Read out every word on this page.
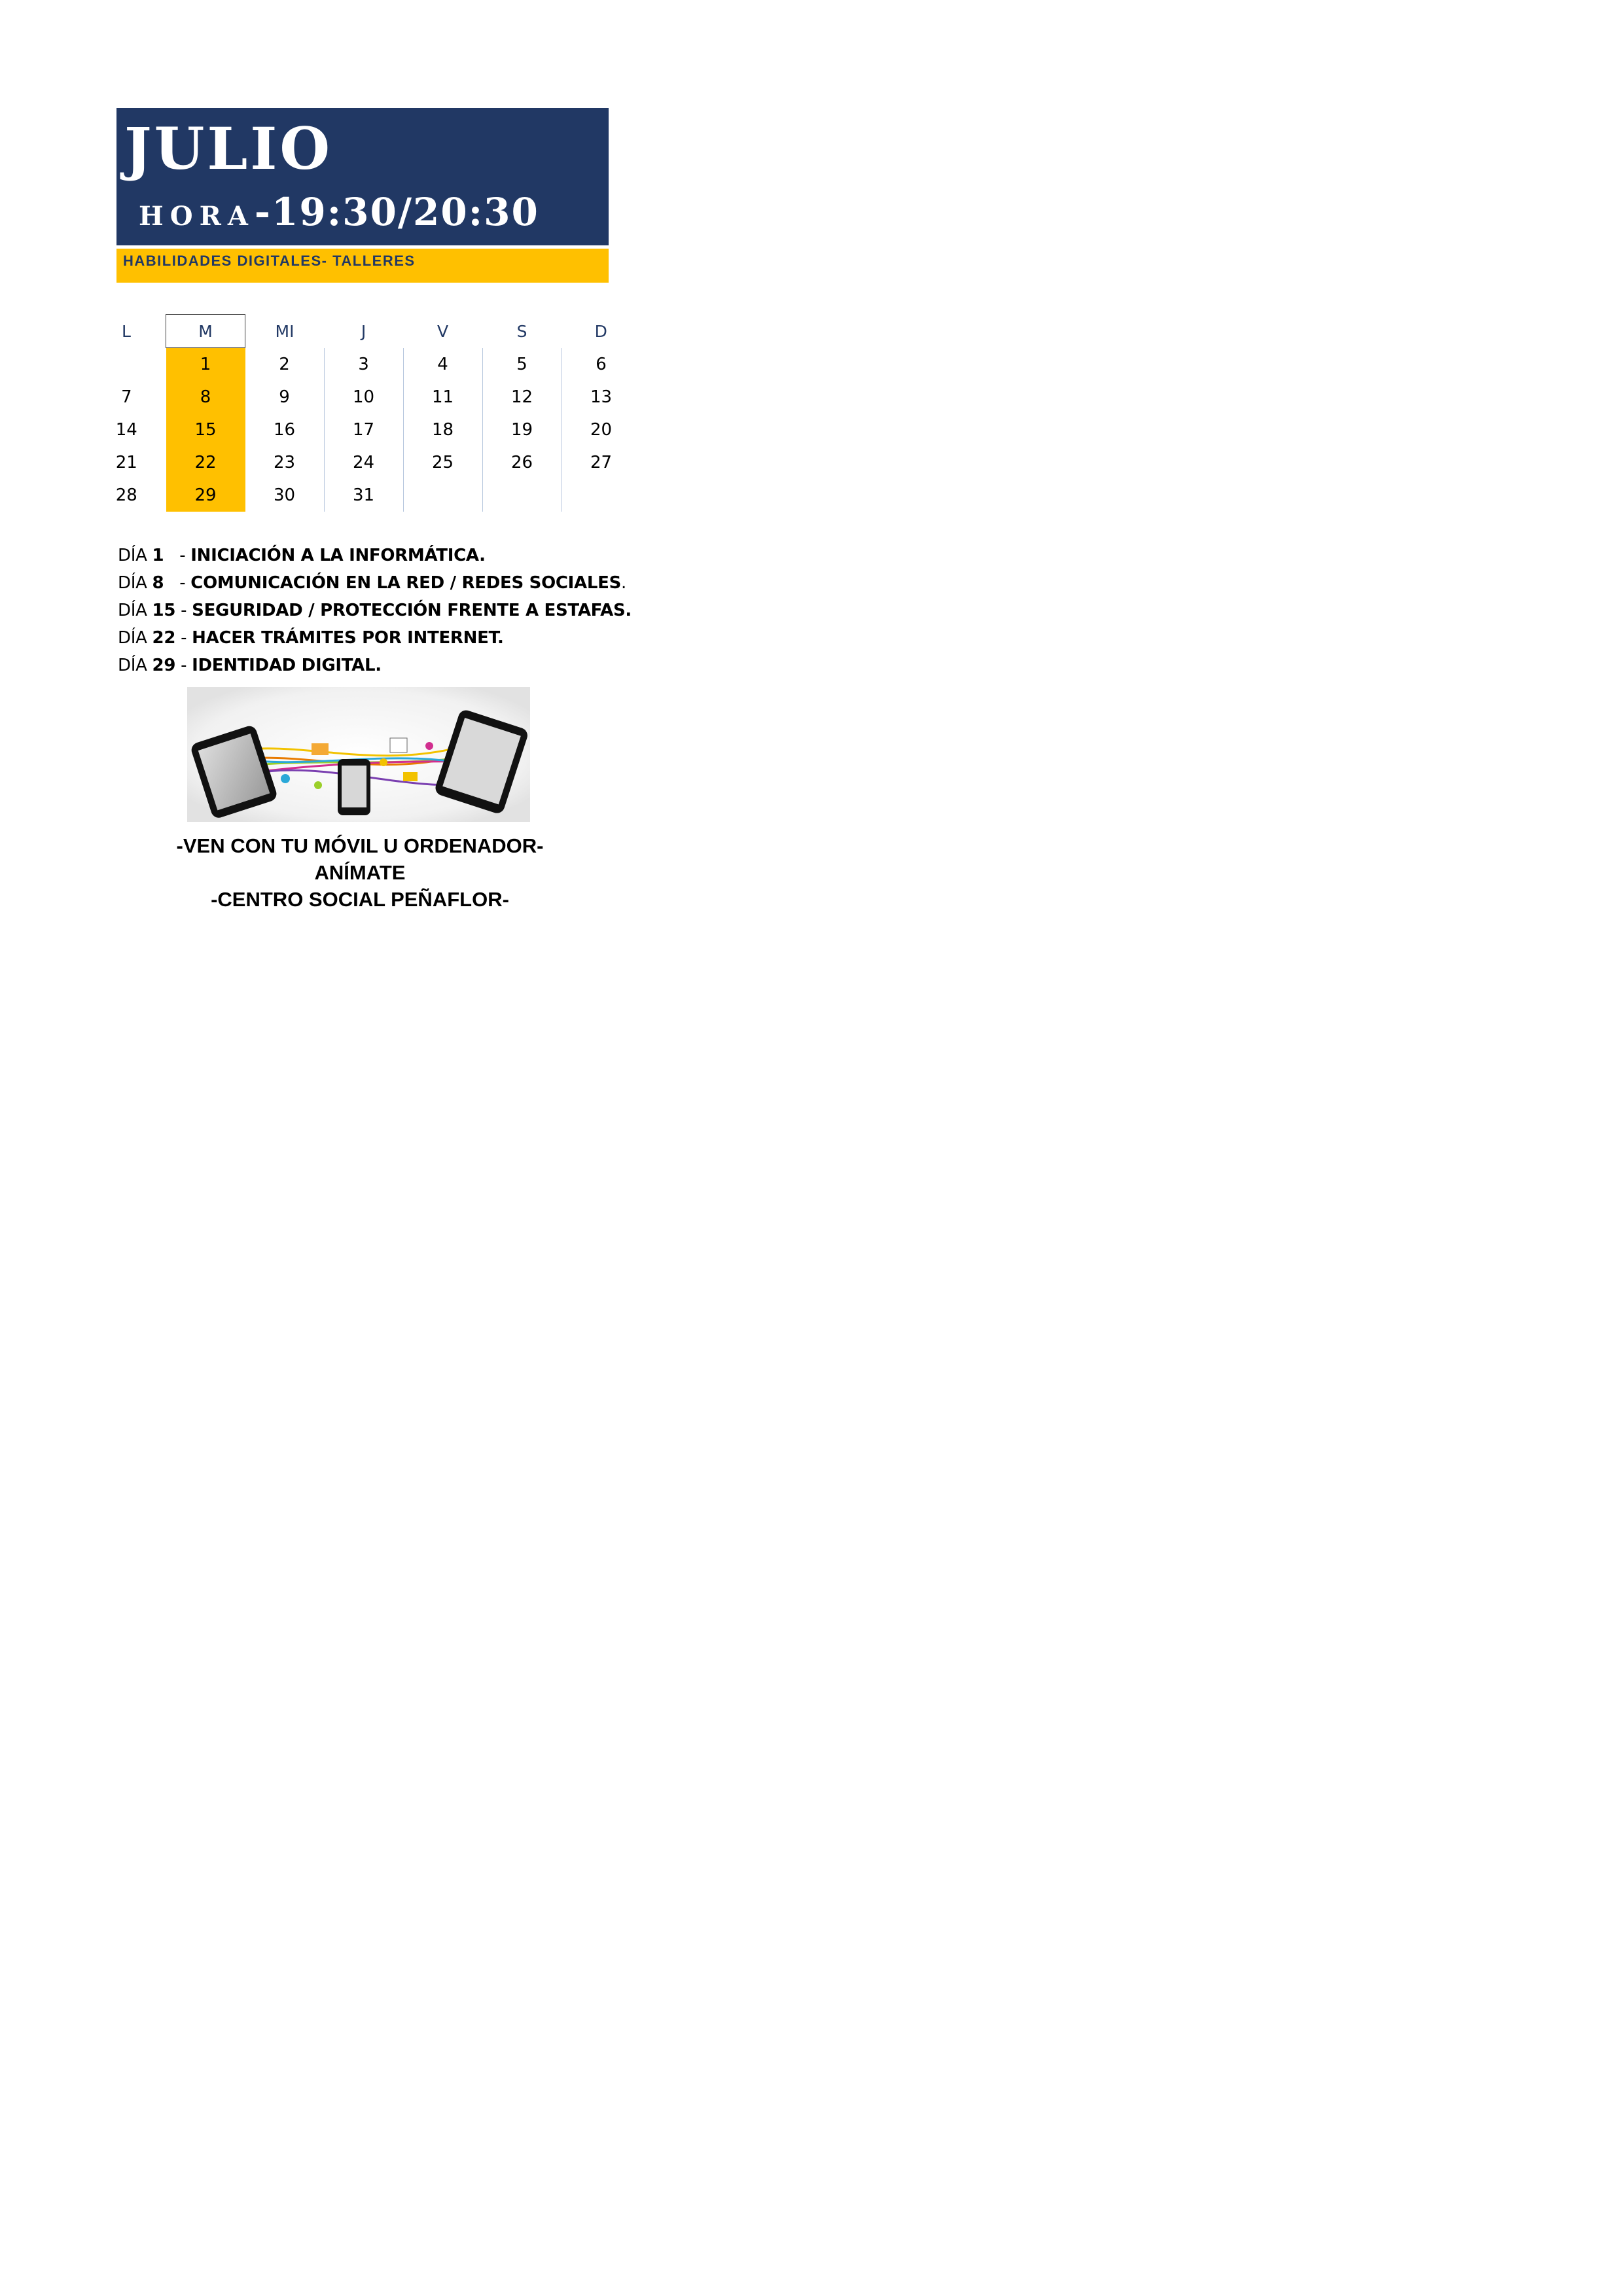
JULIO

HORA-19:30/20:30

HABILIDADES DIGITALES- TALLERES

L	M	MI	J	V	S	D
	1	2	3	4	5	6
7	8	9	10	11	12	13
14	15	16	17	18	19	20
21	22	23	24	25	26	27
28	29	30	31			
DÍA 1   - INICIACIÓN A LA INFORMÁTICA.
DÍA 8   - COMUNICACIÓN EN LA RED / REDES SOCIALES.
DÍA 15 - SEGURIDAD / PROTECCIÓN FRENTE A ESTAFAS.
DÍA 22 - HACER TRÁMITES POR INTERNET.
DÍA 29 - IDENTIDAD DIGITAL.

-VEN CON TU MÓVIL U ORDENADOR-

ANÍMATE

-CENTRO SOCIAL PEÑAFLOR-
